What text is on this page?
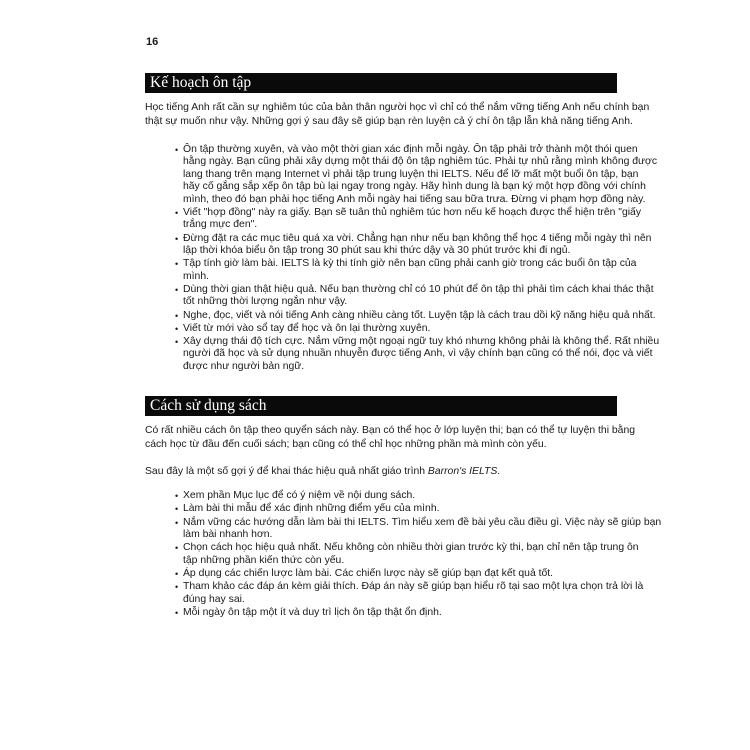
16
Kế hoạch ôn tập
Học tiếng Anh rất cần sự nghiêm túc của bản thân người học vì chỉ có thể nắm vững tiếng Anh nếu chính bạn
thật sự muốn như vậy. Những gợi ý sau đây sẽ giúp bạn rèn luyện cả ý chí ôn tập lẫn khả năng tiếng Anh.
• Ôn tập thường xuyên, và vào một thời gian xác định mỗi ngày. Ôn tập phải trở thành một thói quen
hằng ngày. Bạn cũng phải xây dựng một thái độ ôn tập nghiêm túc. Phải tự nhủ rằng mình không được
lang thang trên mạng Internet vì phải tập trung luyện thi IELTS. Nếu để lỡ mất một buổi ôn tập, bạn
hãy cố gắng sắp xếp ôn tập bù lại ngay trong ngày. Hãy hình dung là bạn ký một hợp đồng với chính
mình, theo đó bạn phải học tiếng Anh mỗi ngày hai tiếng sau bữa trưa. Đừng vi phạm hợp đồng này.
• Viết "hợp đồng" này ra giấy. Bạn sẽ tuân thủ nghiêm túc hơn nếu kế hoạch được thể hiện trên "giấy
trắng mực đen".
• Đừng đặt ra các mục tiêu quá xa vời. Chẳng hạn như nếu bạn không thể học 4 tiếng mỗi ngày thì nên
lập thời khóa biểu ôn tập trong 30 phút sau khi thức dậy và 30 phút trước khi đi ngủ.
• Tập tính giờ làm bài. IELTS là kỳ thi tính giờ nên bạn cũng phải canh giờ trong các buổi ôn tập của
mình.
• Dùng thời gian thật hiệu quả. Nếu bạn thường chỉ có 10 phút để ôn tập thì phải tìm cách khai thác thật
tốt những thời lượng ngắn như vậy.
• Nghe, đọc, viết và nói tiếng Anh càng nhiều càng tốt. Luyện tập là cách trau dồi kỹ năng hiệu quả nhất.
• Viết từ mới vào sổ tay để học và ôn lại thường xuyên.
• Xây dựng thái độ tích cực. Nắm vững một ngoại ngữ tuy khó nhưng không phải là không thể. Rất nhiều
người đã học và sử dụng nhuần nhuyễn được tiếng Anh, vì vậy chính bạn cũng có thể nói, đọc và viết
được như người bản ngữ.
Cách sử dụng sách
Có rất nhiều cách ôn tập theo quyển sách này. Bạn có thể học ở lớp luyện thi; bạn có thể tự luyện thi bằng
cách học từ đầu đến cuối sách; bạn cũng có thể chỉ học những phần mà mình còn yếu.
Sau đây là một số gợi ý để khai thác hiệu quả nhất giáo trình Barron's IELTS.
• Xem phần Mục lục để có ý niệm về nội dung sách.
• Làm bài thi mẫu để xác định những điểm yếu của mình.
• Nắm vững các hướng dẫn làm bài thi IELTS. Tìm hiểu xem đề bài yêu cầu điều gì. Việc này sẽ giúp bạn
làm bài nhanh hơn.
• Chọn cách học hiệu quả nhất. Nếu không còn nhiều thời gian trước kỳ thi, bạn chỉ nên tập trung ôn
tập những phần kiến thức còn yếu.
• Áp dụng các chiến lược làm bài. Các chiến lược này sẽ giúp bạn đạt kết quả tốt.
• Tham khảo các đáp án kèm giải thích. Đáp án này sẽ giúp bạn hiểu rõ tại sao một lựa chọn trả lời là
đúng hay sai.
• Mỗi ngày ôn tập một ít và duy trì lịch ôn tập thật ổn định.
